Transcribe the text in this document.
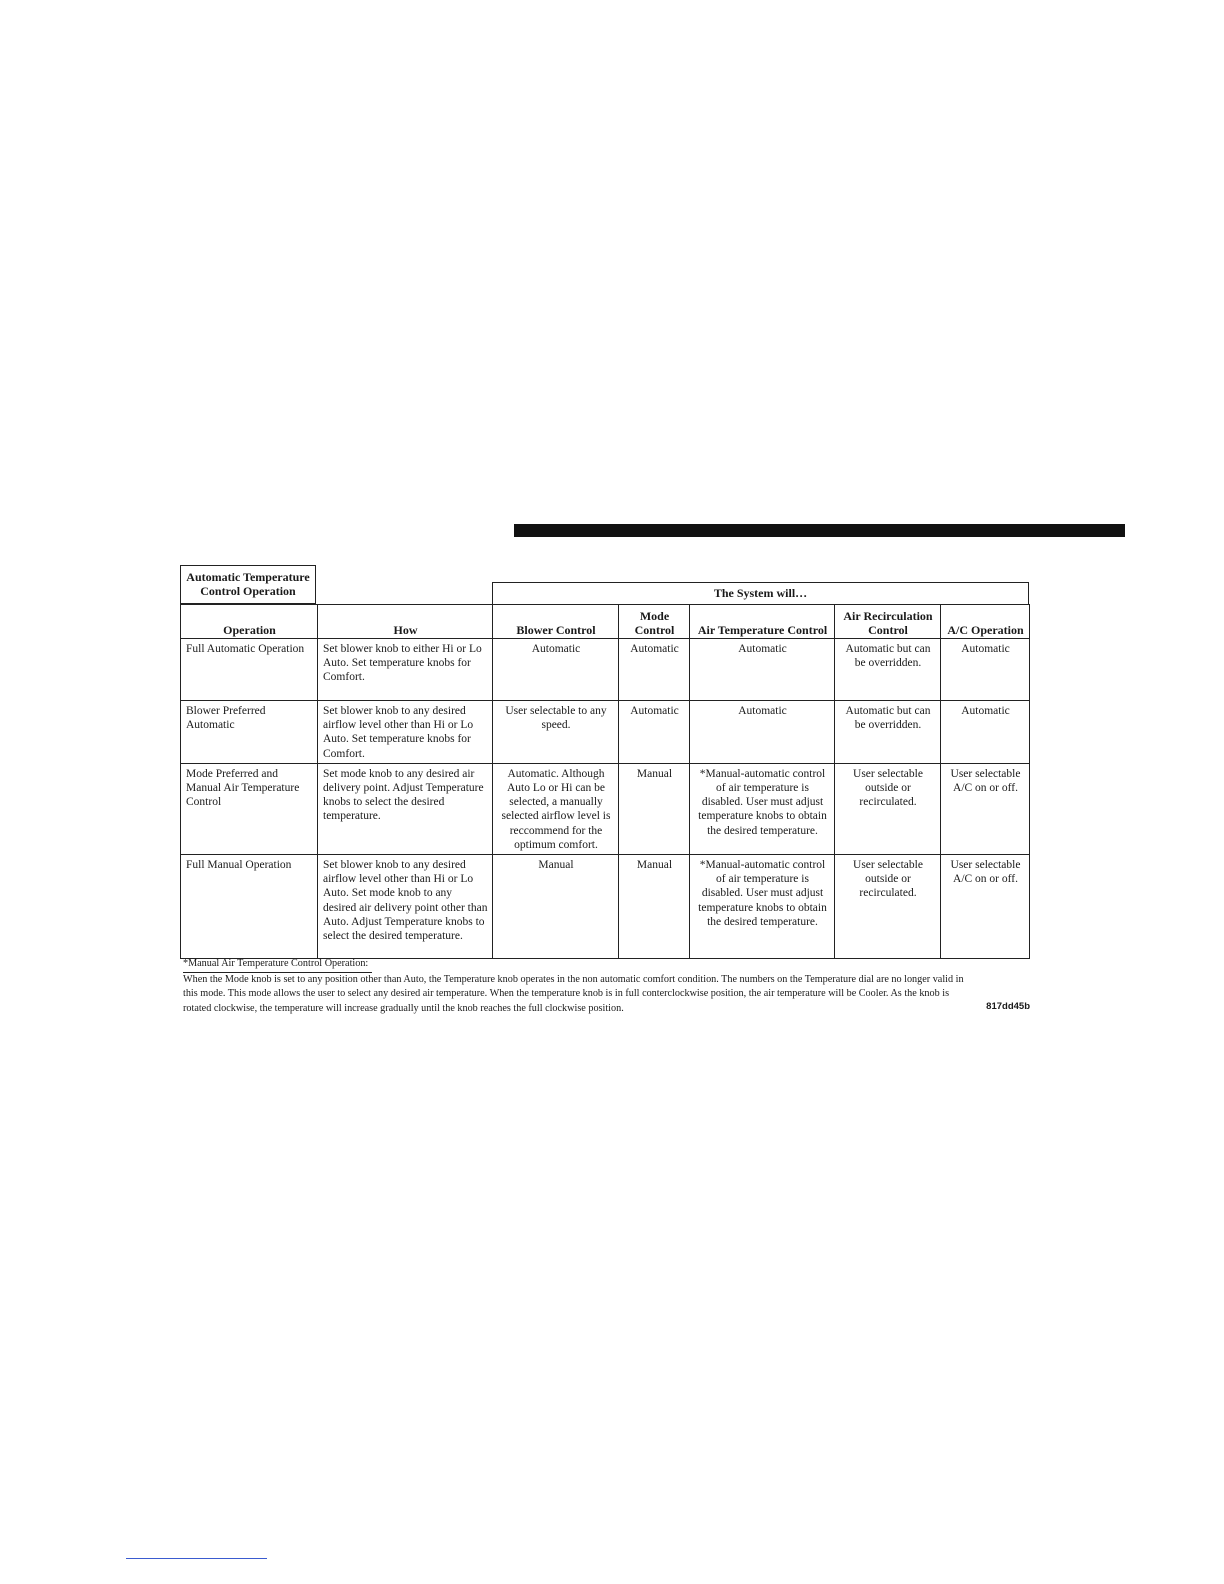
Automatic Temperature Control Operation	The System will…
Operation	How	Blower Control	Mode Control	Air Temperature Control	Air Recirculation Control	A/C Operation
Full Automatic Operation	Set blower knob to either Hi or Lo Auto. Set temperature knobs for Comfort.	Automatic	Automatic	Automatic	Automatic but can be overridden.	Automatic
Blower Preferred Automatic	Set blower knob to any desired airflow level other than Hi or Lo Auto. Set temperature knobs for Comfort.	User selectable to any speed.	Automatic	Automatic	Automatic but can be overridden.	Automatic
Mode Preferred and Manual Air Temperature Control	Set mode knob to any desired air delivery point. Adjust Temperature knobs to select the desired temperature.	Automatic. Although Auto Lo or Hi can be selected, a manually selected airflow level is reccommend for the optimum comfort.	Manual	*Manual-automatic control of air temperature is disabled. User must adjust temperature knobs to obtain the desired temperature.	User selectable outside or recirculated.	User selectable A/C on or off.
Full Manual Operation	Set blower knob to any desired airflow level other than Hi or Lo Auto. Set mode knob to any desired air delivery point other than Auto. Adjust Temperature knobs to select the desired temperature.	Manual	Manual	*Manual-automatic control of air temperature is disabled. User must adjust temperature knobs to obtain the desired temperature.	User selectable outside or recirculated.	User selectable A/C on or off.
*Manual Air Temperature Control Operation:
When the Mode knob is set to any position other than Auto, the Temperature knob operates in the non automatic comfort condition. The numbers on the Temperature dial are no longer valid in this mode. This mode allows the user to select any desired air temperature. When the temperature knob is in full conterclockwise position, the air temperature will be Cooler. As the knob is rotated clockwise, the temperature will increase gradually until the knob reaches the full clockwise position.	817dd45b
